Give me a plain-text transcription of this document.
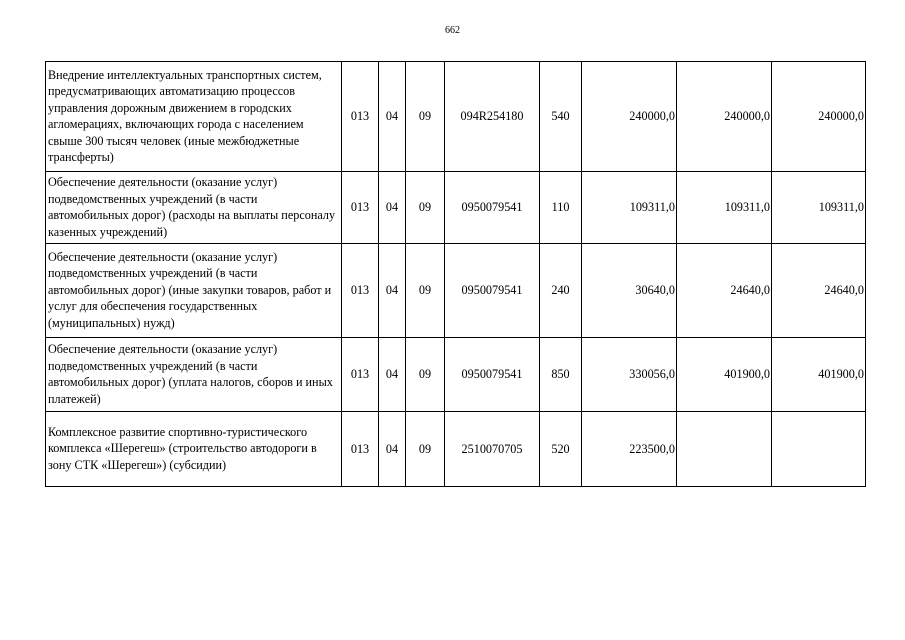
662
Внедрение интеллектуальных транспортных систем, предусматривающих автоматизацию процессов управления дорожным движением в городских агломерациях, включающих города с населением свыше 300 тысяч человек (иные межбюджетные трансферты)	013	04	09	094R254180	540	240000,0	240000,0	240000,0
Обеспечение деятельности (оказание услуг) подведомственных учреждений (в части автомобильных дорог) (расходы на выплаты персоналу казенных учреждений)	013	04	09	0950079541	110	109311,0	109311,0	109311,0
Обеспечение деятельности (оказание услуг) подведомственных учреждений (в части автомобильных дорог) (иные закупки товаров, работ и услуг для обеспечения государственных (муниципальных) нужд)	013	04	09	0950079541	240	30640,0	24640,0	24640,0
Обеспечение деятельности (оказание услуг) подведомственных учреждений (в части автомобильных дорог) (уплата налогов, сборов и иных платежей)	013	04	09	0950079541	850	330056,0	401900,0	401900,0
Комплексное развитие спортивно-туристического комплекса «Шерегеш» (строительство автодороги в зону СТК «Шерегеш») (субсидии)	013	04	09	2510070705	520	223500,0		
